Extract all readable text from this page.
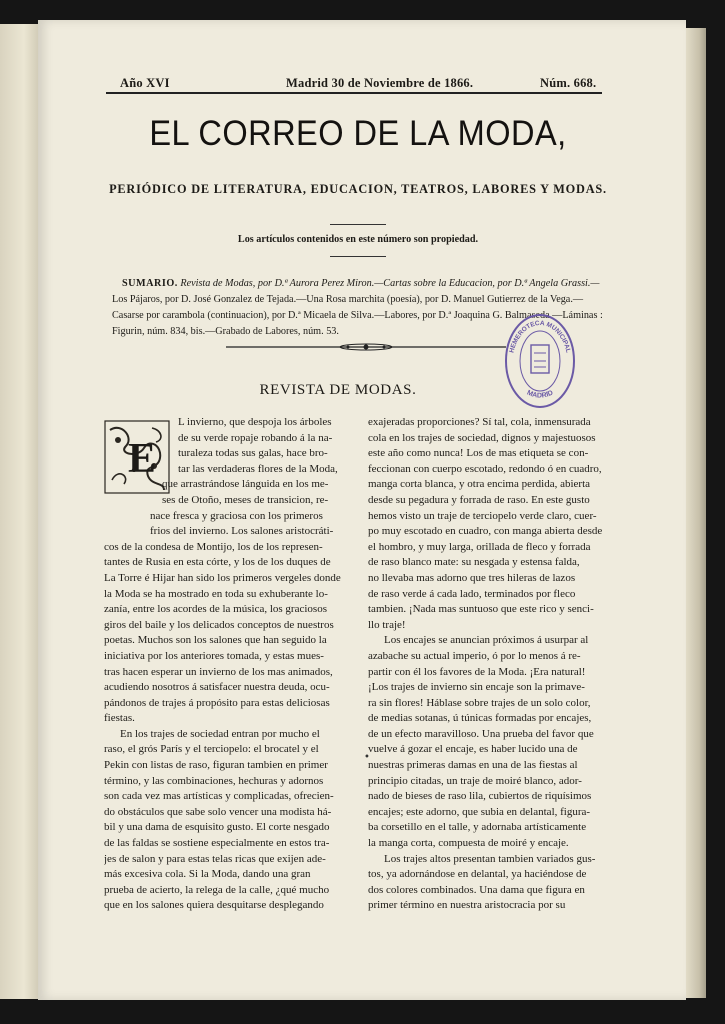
Año XVI	Madrid 30 de Noviembre de 1866.	Núm. 668.
EL CORREO DE LA MODA,
PERIÓDICO DE LITERATURA, EDUCACION, TEATROS, LABORES Y MODAS.
Los artículos contenidos en este número son propiedad.
SUMARIO. Revista de Modas, por D.ª Aurora Perez Miron.—Cartas sobre la Educacion, por D.ª Angela Grassi.—
Los Pájaros, por D. José Gonzalez de Tejada.—Una Rosa marchita (poesía), por D. Manuel Gutierrez de la Vega.—
Casarse por carambola (continuacion), por D.ª Micaela de Silva.—Labores, por D.ª Joaquina G. Balmaseda.—Láminas :
Figurin, núm. 834, bis.—Grabado de Labores, núm. 53.
HEMEROTECA MUNICIPAL
MADRID
REVISTA DE MODAS.
E
L invierno, que despoja los árboles
de su verde ropaje robando á la na-
turaleza todas sus galas, hace bro-
tar las verdaderas flores de la Moda,
que arrastrándose lánguida en los me-
ses de Otoño, meses de transicion, re-
nace fresca y graciosa con los primeros
frios del invierno. Los salones aristocráti-
cos de la condesa de Montijo, los de los represen-
tantes de Rusia en esta córte, y los de los duques de
La Torre é Hijar han sido los primeros vergeles donde
la Moda se ha mostrado en toda su exhuberante lo-
zanía, entre los acordes de la música, los graciosos
giros del baile y los delicados conceptos de nuestros
poetas. Muchos son los salones que han seguido la
iniciativa por los anteriores tomada, y estas mues-
tras hacen esperar un invierno de los mas animados,
acudiendo nosotros á satisfacer nuestra deuda, ocu-
pándonos de trajes á propósito para estas deliciosas
fiestas.
En los trajes de sociedad entran por mucho el
raso, el grós París y el terciopelo: el brocatel y el
Pekin con listas de raso, figuran tambien en primer
término, y las combinaciones, hechuras y adornos
son cada vez mas artísticas y complicadas, ofrecien-
do obstáculos que sabe solo vencer una modista há-
bil y una dama de esquisito gusto. El corte nesgado
de las faldas se sostiene especialmente en estos tra-
jes de salon y para estas telas ricas que exijen ade-
más excesiva cola. Si la Moda, dando una gran
prueba de acierto, la relega de la calle, ¿qué mucho
que en los salones quiera desquitarse desplegando
•
exajeradas proporciones? Sí tal, cola, inmensurada
cola en los trajes de sociedad, dignos y majestuosos
este año como nunca! Los de mas etiqueta se con-
feccionan con cuerpo escotado, redondo ó en cuadro,
manga corta blanca, y otra encima perdida, abierta
desde su pegadura y forrada de raso. En este gusto
hemos visto un traje de terciopelo verde claro, cuer-
po muy escotado en cuadro, con manga abierta desde
el hombro, y muy larga, orillada de fleco y forrada
de raso blanco mate: su nesgada y estensa falda,
no llevaba mas adorno que tres hileras de lazos
de raso verde á cada lado, terminados por fleco
tambien. ¡Nada mas suntuoso que este rico y senci-
llo traje!
Los encajes se anuncian próximos á usurpar al
azabache su actual imperio, ó por lo menos á re-
partir con él los favores de la Moda. ¡Era natural!
¡Los trajes de invierno sin encaje son la primave-
ra sin flores! Háblase sobre trajes de un solo color,
de medias sotanas, ú túnicas formadas por encajes,
de un efecto maravilloso. Una prueba del favor que
vuelve á gozar el encaje, es haber lucido una de
nuestras primeras damas en una de las fiestas al
principio citadas, un traje de moiré blanco, ador-
nado de bieses de raso lila, cubiertos de riquísimos
encajes; este adorno, que subia en delantal, figura-
ba corsetillo en el talle, y adornaba artísticamente
la manga corta, compuesta de moiré y encaje.
Los trajes altos presentan tambien variados gus-
tos, ya adornándose en delantal, ya haciéndose de
dos colores combinados. Una dama que figura en
primer término en nuestra aristocracia por su
